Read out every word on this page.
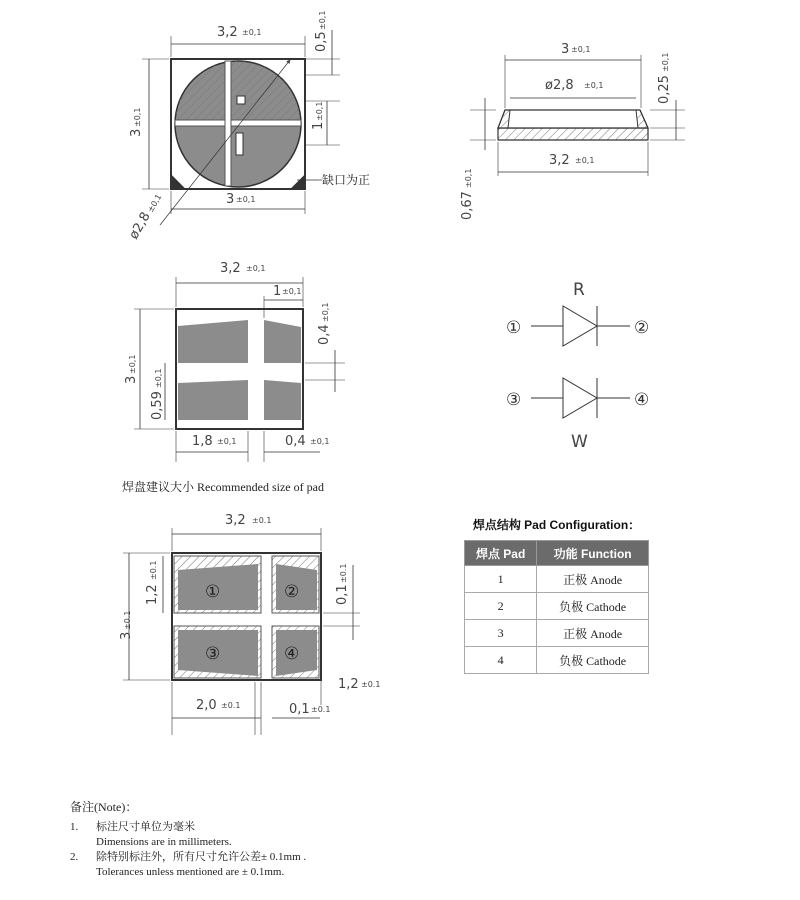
3,2 ±0,1	0,5
±0,1
3
±0,1	1
±0,1
3 ±0,1
ø2,8
±0,1
缺口为正
3 ±0,1
ø2,8 ±0,1	0,25
±0,1
3,2 ±0,1
0,67
±0,1
3,2 ±0,1
1 ±0,1
0,4
±0,1
3
±0,1
0,59
±0,1
1,8 ±0,1	0,4 ±0,1
R
W
①	②
③	④
焊盘建议大小 Recommended size of pad
①	②
③	④
3,2 ±0.1
1,2
±0.1
3
±0.1
0,1
±0.1
1,2 ±0.1
2,0 ±0.1	0,1 ±0.1
焊点结构 Pad Configuration：
焊点 Pad	功能 Function
1	正极 Anode
2	负极 Cathode
3	正极 Anode
4	负极 Cathode
备注(Note)：
1.	标注尺寸单位为毫米
Dimensions are in millimeters.
2.	除特别标注外，所有尺寸允许公差± 0.1mm .
Tolerances unless mentioned are ± 0.1mm.
